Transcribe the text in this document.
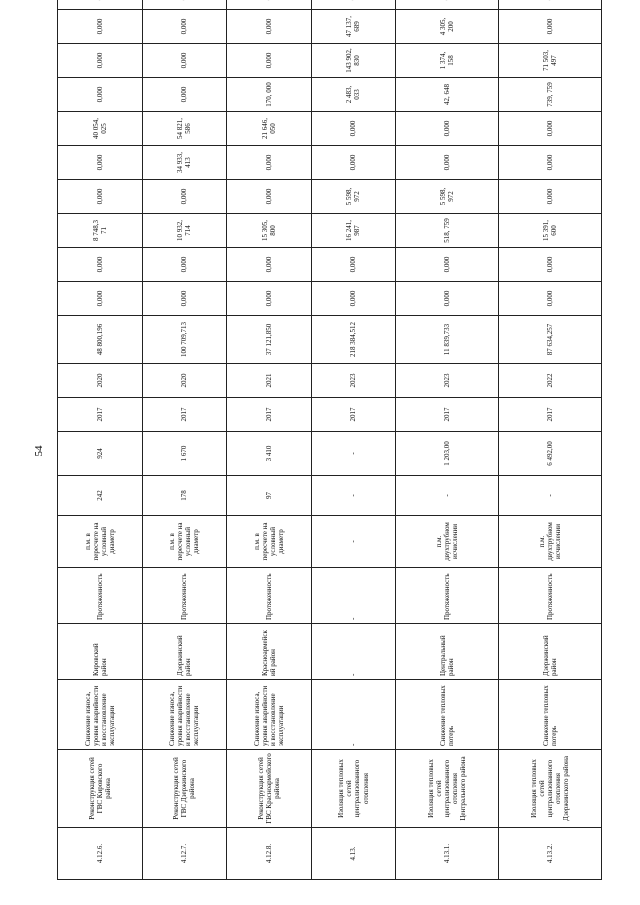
54
4.12.6.	Реконструкция сетей ГВС Кировского района	Снижение износа, уровня аварийности и восстановление эксплуатации	Кировский район	Протяженность	п.м. в пересчете на условный диаметр	242	924	2017	2020	48 800,196	0,000	0,000	8 748,3 71	0,000	0,000	40 054, 025	0,000	0,000	0,000		
4.12.7.	Реконструкция сетей ГВС Дзержинского района	Снижение износа, уровня аварийности и восстановление эксплуатации	Дзержинский район	Протяженность	п.м. в пересчете на условный диаметр	178	1 670	2017	2020	100 709,713	0,000	0,000	10 932, 714	0,000	34 933, 413	54 821, 586	0,000	0,000	0,000		
4.12.8.	Реконструкция сетей ГВС Красноармейского района	Снижение износа, уровня аварийности и восстановление эксплуатации	Красноармейский район	Протяженность	п.м. в пересчете на условный диаметр	97	3 410	2017	2021	37 121,850	0,000	0,000	15 305, 800	0,000	0,000	21 646, 050	170, 000	0,000	0,000		
4.13.	Изоляция тепловых сетей централизованного отопления	-	-	-	-	-	-	2017	2023	218 384,512	0,000	0,000	16 241, 987	5 598, 972	0,000	0,000	2 483, 033	143 902, 830	47 137, 689		
4.13.1.	Изоляция тепловых сетей централизованного отопления Центрального района	Снижение тепловых потерь	Центральный район	Протяженность	п.м. двухтрубном исчислении	-	1 203,00	2017	2023	11 839,733	0,000	0,000	518, 759	5 598, 972	0,000	0,000	42, 648	1 374, 158	4 305, 200		
4.13.2.	Изоляция тепловых сетей централизованного отопления Дзержинского района	Снижение тепловых потерь	Дзержинский район	Протяженность	п.м. двухтрубном исчислении	-	6 492,00	2017	2022	87 634,257	0,000	0,000	15 391, 600	0,000	0,000	0,000	739, 759	71 503, 497	0,000		
